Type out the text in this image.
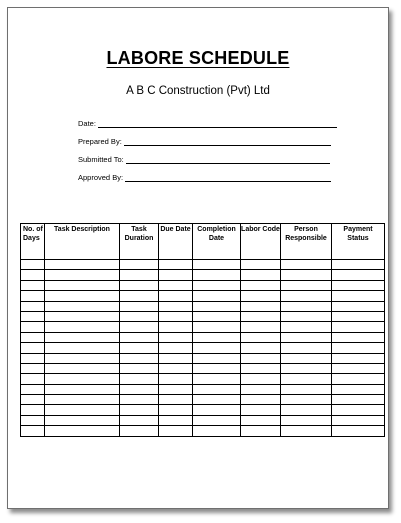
LABORE SCHEDULE
A B C Construction (Pvt) Ltd
Date:
Prepared By:
Submitted To:
Approved By:
No. of Days	Task Description	Task Duration	Due Date	Completion Date	Labor Code	Person Responsible	Payment Status
